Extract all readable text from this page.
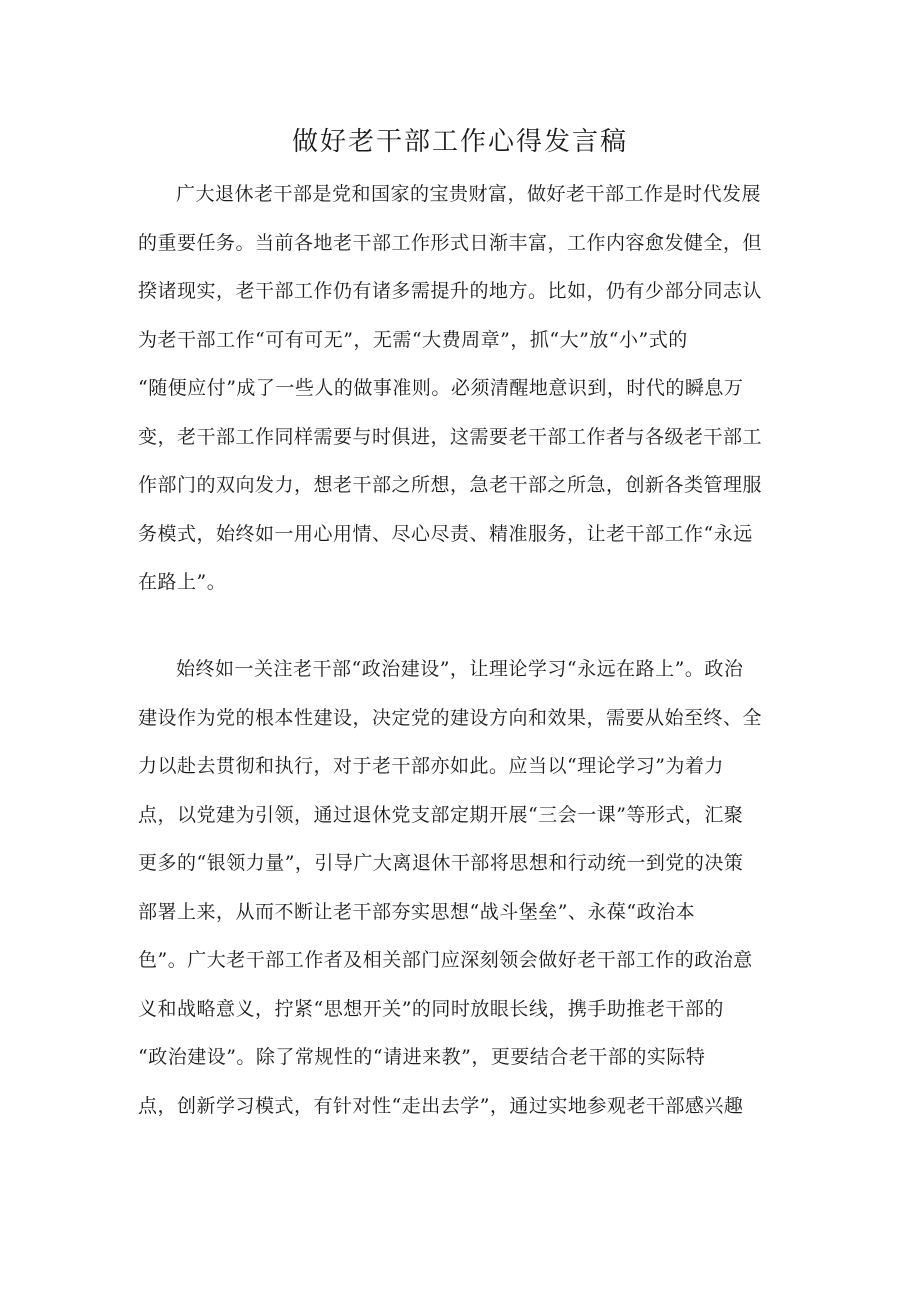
做好老干部工作心得发言稿
广大退休老干部是党和国家的宝贵财富，做好老干部工作是时代发展
的重要任务。当前各地老干部工作形式日渐丰富，工作内容愈发健全，但
揆诸现实，老干部工作仍有诸多需提升的地方。比如，仍有少部分同志认
为老干部工作“可有可无”，无需“大费周章”，抓“大”放“小”式的
“随便应付”成了一些人的做事准则。必须清醒地意识到，时代的瞬息万
变，老干部工作同样需要与时俱进，这需要老干部工作者与各级老干部工
作部门的双向发力，想老干部之所想，急老干部之所急，创新各类管理服
务模式，始终如一用心用情、尽心尽责、精准服务，让老干部工作“永远
在路上”。
始终如一关注老干部“政治建设”，让理论学习“永远在路上”。政治
建设作为党的根本性建设，决定党的建设方向和效果，需要从始至终、全
力以赴去贯彻和执行，对于老干部亦如此。应当以“理论学习”为着力
点，以党建为引领，通过退休党支部定期开展“三会一课”等形式，汇聚
更多的“银领力量”，引导广大离退休干部将思想和行动统一到党的决策
部署上来，从而不断让老干部夯实思想“战斗堡垒”、永葆“政治本
色”。广大老干部工作者及相关部门应深刻领会做好老干部工作的政治意
义和战略意义，拧紧“思想开关”的同时放眼长线，携手助推老干部的
“政治建设”。除了常规性的“请进来教”，更要结合老干部的实际特
点，创新学习模式，有针对性“走出去学”，通过实地参观老干部感兴趣
